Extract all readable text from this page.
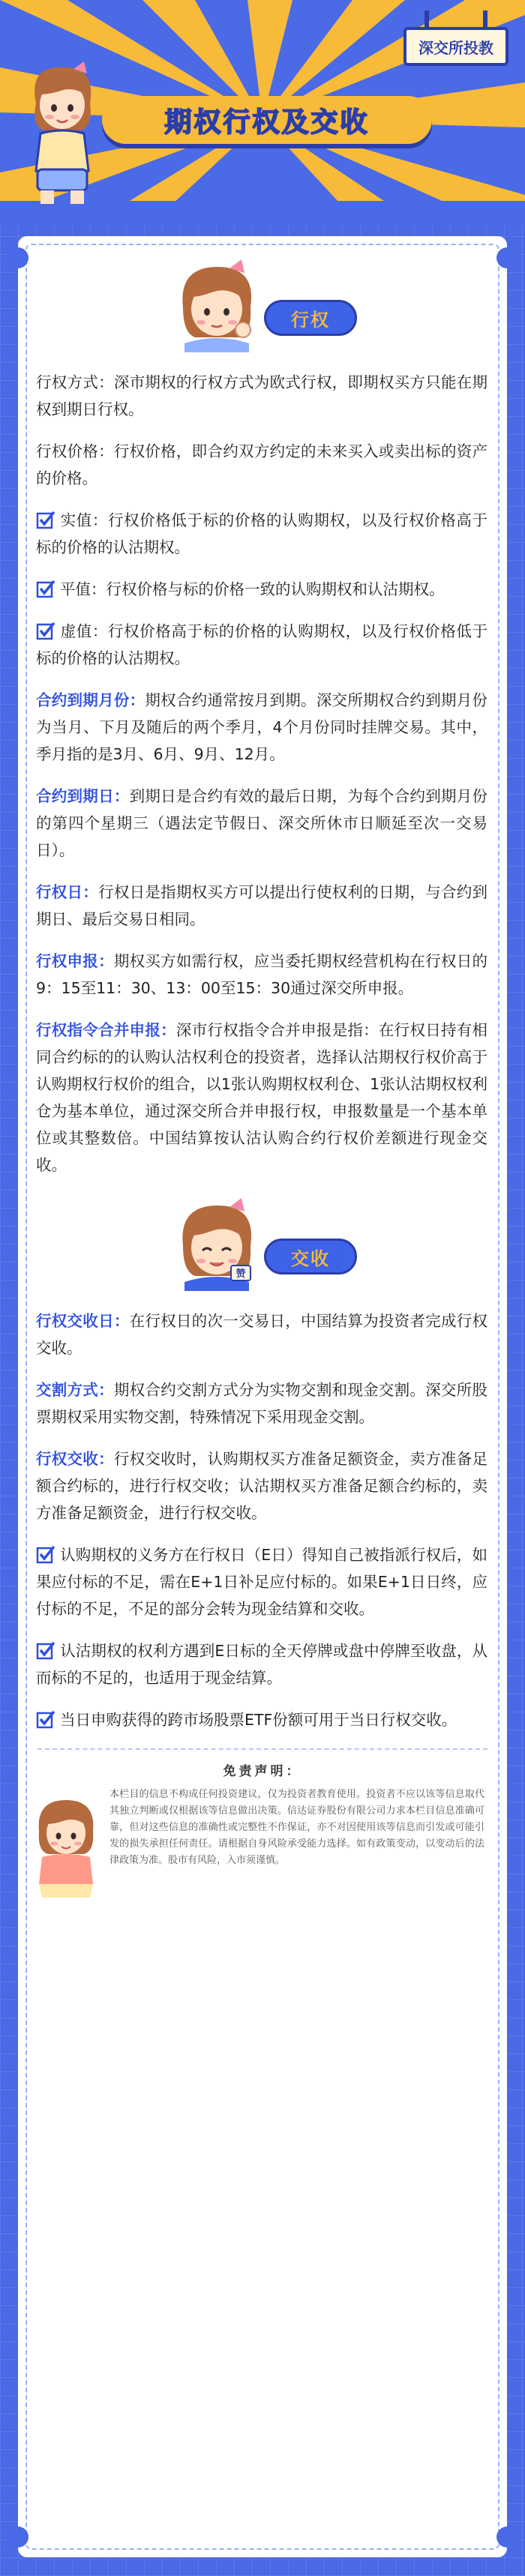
深交所投教
期权行权及交收
行权

行权方式：深市期权的行权方式为欧式行权，即期权买方只能在期权到期日行权。

行权价格：行权价格，即合约双方约定的未来买入或卖出标的资产的价格。

实值：行权价格低于标的价格的认购期权，以及行权价格高于标的价格的认沽期权。

平值：行权价格与标的价格一致的认购期权和认沽期权。

虚值：行权价格高于标的价格的认购期权，以及行权价格低于标的价格的认沽期权。

合约到期月份：期权合约通常按月到期。深交所期权合约到期月份为当月、下月及随后的两个季月，4个月份同时挂牌交易。其中，季月指的是3月、6月、9月、12月。

合约到期日：到期日是合约有效的最后日期，为每个合约到期月份的第四个星期三（遇法定节假日、深交所休市日顺延至次一交易日）。

行权日：行权日是指期权买方可以提出行使权利的日期，与合约到期日、最后交易日相同。

行权申报：期权买方如需行权，应当委托期权经营机构在行权日的9：15至11：30、13：00至15：30通过深交所申报。

行权指令合并申报：深市行权指令合并申报是指：在行权日持有相同合约标的的认购认沽权利仓的投资者，选择认沽期权行权价高于认购期权行权价的组合，以1张认购期权权利仓、1张认沽期权权利仓为基本单位，通过深交所合并申报行权，申报数量是一个基本单位或其整数倍。中国结算按认沽认购合约行权价差额进行现金交收。

赞
交收

行权交收日：在行权日的次一交易日，中国结算为投资者完成行权交收。

交割方式：期权合约交割方式分为实物交割和现金交割。深交所股票期权采用实物交割，特殊情况下采用现金交割。

行权交收：行权交收时，认购期权买方准备足额资金，卖方准备足额合约标的，进行行权交收；认沽期权买方准备足额合约标的，卖方准备足额资金，进行行权交收。

认购期权的义务方在行权日（E日）得知自己被指派行权后，如果应付标的不足，需在E+1日补足应付标的。如果E+1日日终，应付标的不足，不足的部分会转为现金结算和交收。

认沽期权的权利方遇到E日标的全天停牌或盘中停牌至收盘，从而标的不足的，也适用于现金结算。

当日申购获得的跨市场股票ETF份额可用于当日行权交收。

免责声明：
本栏目的信息不构成任何投资建议，仅为投资者教育使用。投资者不应以该等信息取代其独立判断或仅根据该等信息做出决策。信达证券股份有限公司力求本栏目信息准确可靠，但对这些信息的准确性或完整性不作保证，亦不对因使用该等信息而引发或可能引发的损失承担任何责任。请根据自身风险承受能力选择。如有政策变动，以变动后的法律政策为准。股市有风险，入市须谨慎。
